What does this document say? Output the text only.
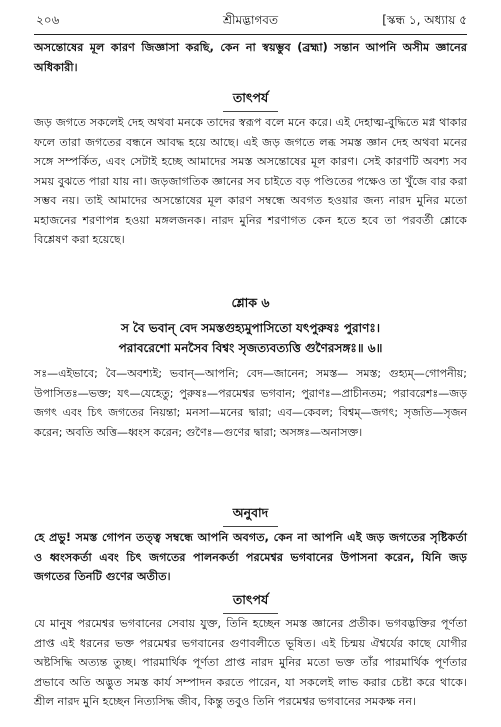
২০৬	শ্রীমদ্ভাগবত	[স্কন্ধ ১, অধ্যায় ৫
অসন্তোষের মূল কারণ জিজ্ঞাসা করছি, কেন না স্বয়ম্ভুব (ব্রহ্মা) সন্তান আপনি অসীম জ্ঞানের অধিকারী।
তাৎপর্য
জড় জগতে সকলেই দেহ অথবা মনকে তাদের স্বরূপ বলে মনে করে। এই দেহাত্ম-বুদ্ধিতে মগ্ন থাকার ফলে তারা জগতের বন্ধনে আবদ্ধ হয়ে আছে। এই জড় জগতে লব্ধ সমস্ত জ্ঞান দেহ অথবা মনের সঙ্গে সম্পর্কিত, এবং সেটাই হচ্ছে আমাদের সমস্ত অসন্তোষের মূল কারণ। সেই কারণটি অবশ্য সব সময় বুঝতে পারা যায় না। জড়জাগতিক জ্ঞানের সব চাইতে বড় পণ্ডিতের পক্ষেও তা খুঁজে বার করা সম্ভব নয়। তাই আমাদের অসন্তোষের মূল কারণ সম্বন্ধে অবগত হওয়ার জন্য নারদ মুনির মতো মহাজনের শরণাপন্ন হওয়া মঙ্গলজনক। নারদ মুনির শরণাগত কেন হতে হবে তা পরবর্তী শ্লোকে বিশ্লেষণ করা হয়েছে।
শ্লোক ৬
স বৈ ভবান্ বেদ সমস্তগুহ্যমুপাসিতো যৎপুরুষঃ পুরাণঃ।
পরাবরেশো মনসৈব বিশ্বং সৃজত্যবত্যত্তি গুণৈরসঙ্গঃ॥ ৬॥
সঃ—এইভাবে; বৈ—অবশ্যই; ভবান্—আপনি; বেদ—জানেন; সমস্ত— সমস্ত; গুহ্যম্—গোপনীয়; উপাসিতঃ—ভক্ত; যৎ—যেহেতু; পুরুষঃ—পরমেশ্বর ভগবান; পুরাণঃ—প্রাচীনতম; পরাবরেশঃ—জড় জগৎ এবং চিৎ জগতের নিয়ন্তা; মনসা—মনের দ্বারা; এব—কেবল; বিশ্বম্—জগৎ; সৃজতি—সৃজন করেন; অবতি অত্তি—ধ্বংস করেন; গুণৈঃ—গুণের দ্বারা; অসঙ্গঃ—অনাসক্ত।
অনুবাদ
হে প্রভু! সমস্ত গোপন তত্ত্ব সম্বন্ধে আপনি অবগত, কেন না আপনি এই জড় জগতের সৃষ্টিকর্তা ও ধ্বংসকর্তা এবং চিৎ জগতের পালনকর্তা পরমেশ্বর ভগবানের উপাসনা করেন, যিনি জড় জগতের তিনটি গুণের অতীত।
তাৎপর্য
যে মানুষ পরমেশ্বর ভগবানের সেবায় যুক্ত, তিনি হচ্ছেন সমস্ত জ্ঞানের প্রতীক। ভগবদ্ভক্তির পূর্ণতা প্রাপ্ত এই ধরনের ভক্ত পরমেশ্বর ভগবানের গুণাবলীতে ভূষিত। এই চিন্ময় ঐশ্বর্যের কাছে যোগীর অষ্টসিদ্ধি অত্যন্ত তুচ্ছ। পারমার্থিক পূর্ণতা প্রাপ্ত নারদ মুনির মতো ভক্ত তাঁর পারমার্থিক পূর্ণতার প্রভাবে অতি অদ্ভুত সমস্ত কার্য সম্পাদন করতে পারেন, যা সকলেই লাভ করার চেষ্টা করে থাকে। শ্রীল নারদ মুনি হচ্ছেন নিত্যসিদ্ধ জীব, কিন্তু তবুও তিনি পরমেশ্বর ভগবানের সমকক্ষ নন।
